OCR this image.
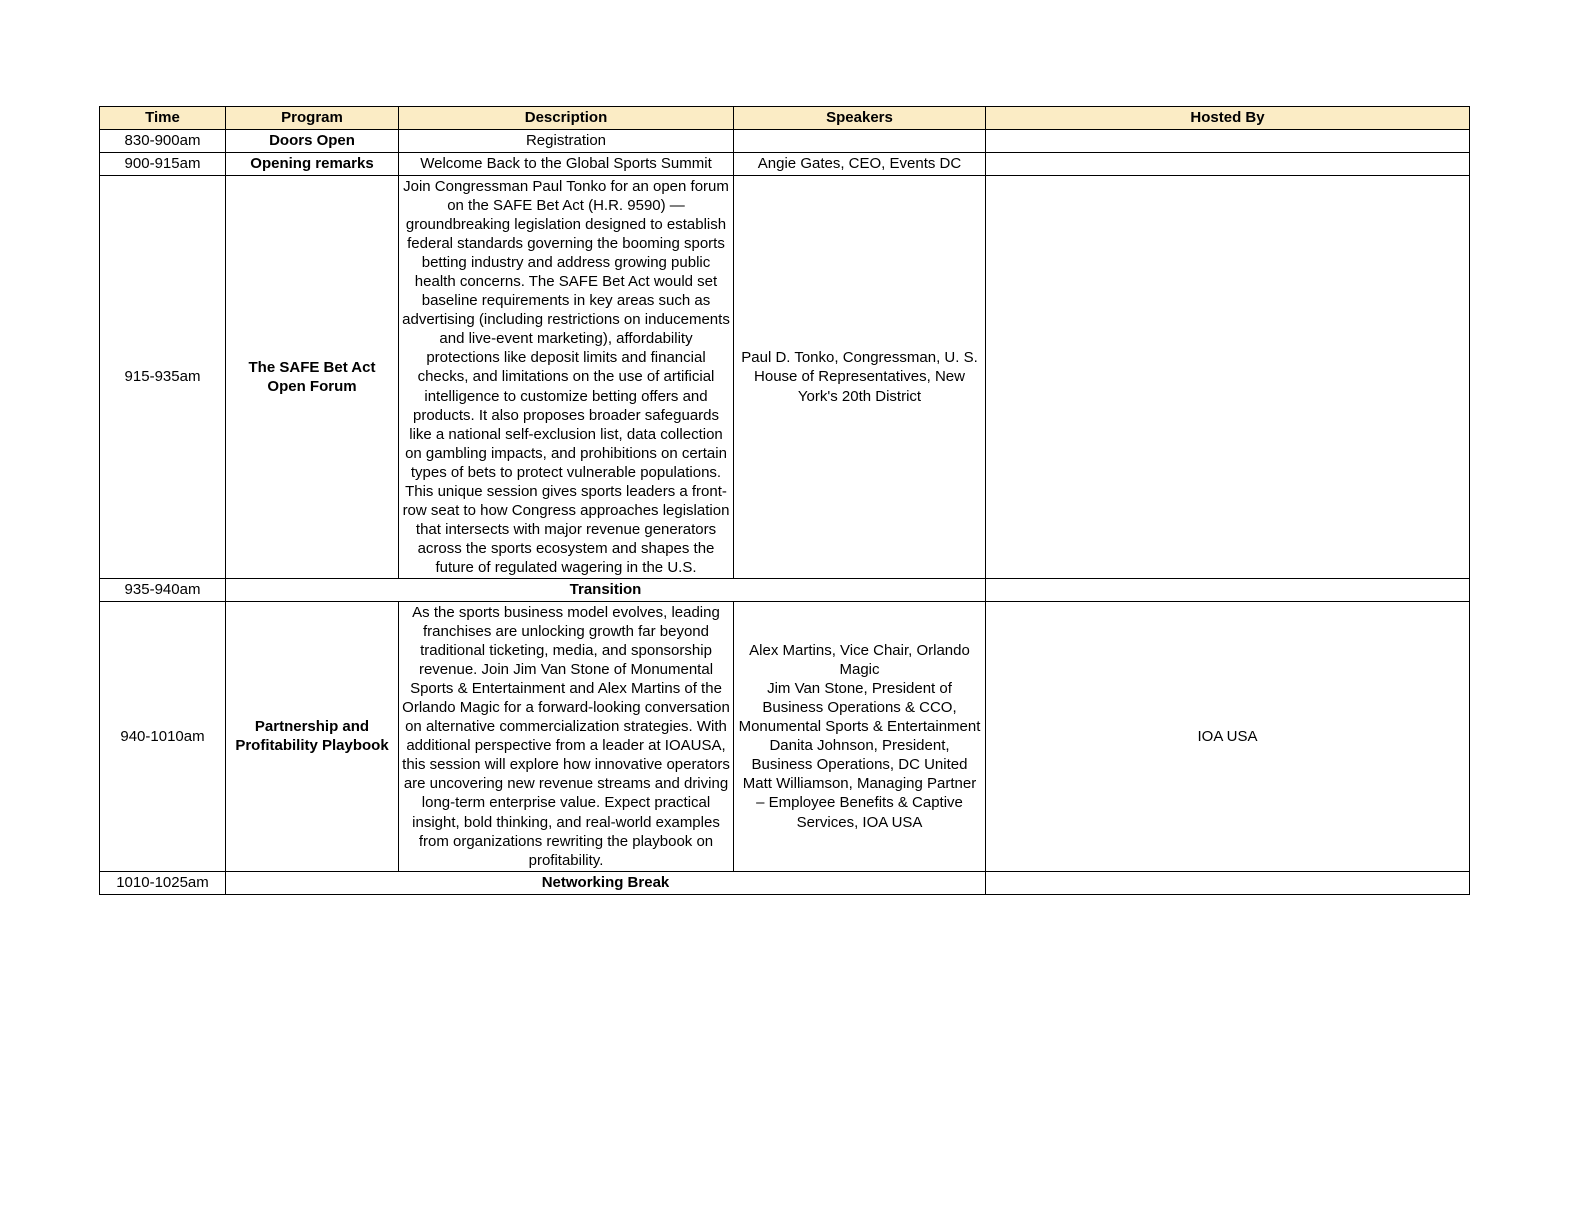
Time	Program	Description	Speakers	Hosted By
830-900am	Doors Open	Registration		
900-915am	Opening remarks	Welcome Back to the Global Sports Summit	Angie Gates, CEO, Events DC	
915-935am	The SAFE Bet Act Open Forum	Join Congressman Paul Tonko for an open forum on the SAFE Bet Act (H.R. 9590) — groundbreaking legislation designed to establish federal standards governing the booming sports betting industry and address growing public health concerns. The SAFE Bet Act would set baseline requirements in key areas such as advertising (including restrictions on inducements and live-event marketing), affordability protections like deposit limits and financial checks, and limitations on the use of artificial intelligence to customize betting offers and products. It also proposes broader safeguards like a national self-exclusion list, data collection on gambling impacts, and prohibitions on certain types of bets to protect vulnerable populations. This unique session gives sports leaders a front-row seat to how Congress approaches legislation that intersects with major revenue generators across the sports ecosystem and shapes the future of regulated wagering in the U.S.	Paul D. Tonko, Congressman, U. S. House of Representatives, New York's 20th District	
935-940am	Transition			
940-1010am	Partnership and Profitability Playbook	As the sports business model evolves, leading franchises are unlocking growth far beyond traditional ticketing, media, and sponsorship revenue. Join Jim Van Stone of Monumental Sports & Entertainment and Alex Martins of the Orlando Magic for a forward-looking conversation on alternative commercialization strategies. With additional perspective from a leader at IOAUSA, this session will explore how innovative operators are uncovering new revenue streams and driving long-term enterprise value. Expect practical insight, bold thinking, and real-world examples from organizations rewriting the playbook on profitability.	Alex Martins, Vice Chair, Orlando Magic
Jim Van Stone, President of Business Operations & CCO, Monumental Sports & Entertainment
Danita Johnson, President, Business Operations, DC United
Matt Williamson, Managing Partner – Employee Benefits & Captive Services, IOA USA	IOA USA
1010-1025am	Networking Break			
